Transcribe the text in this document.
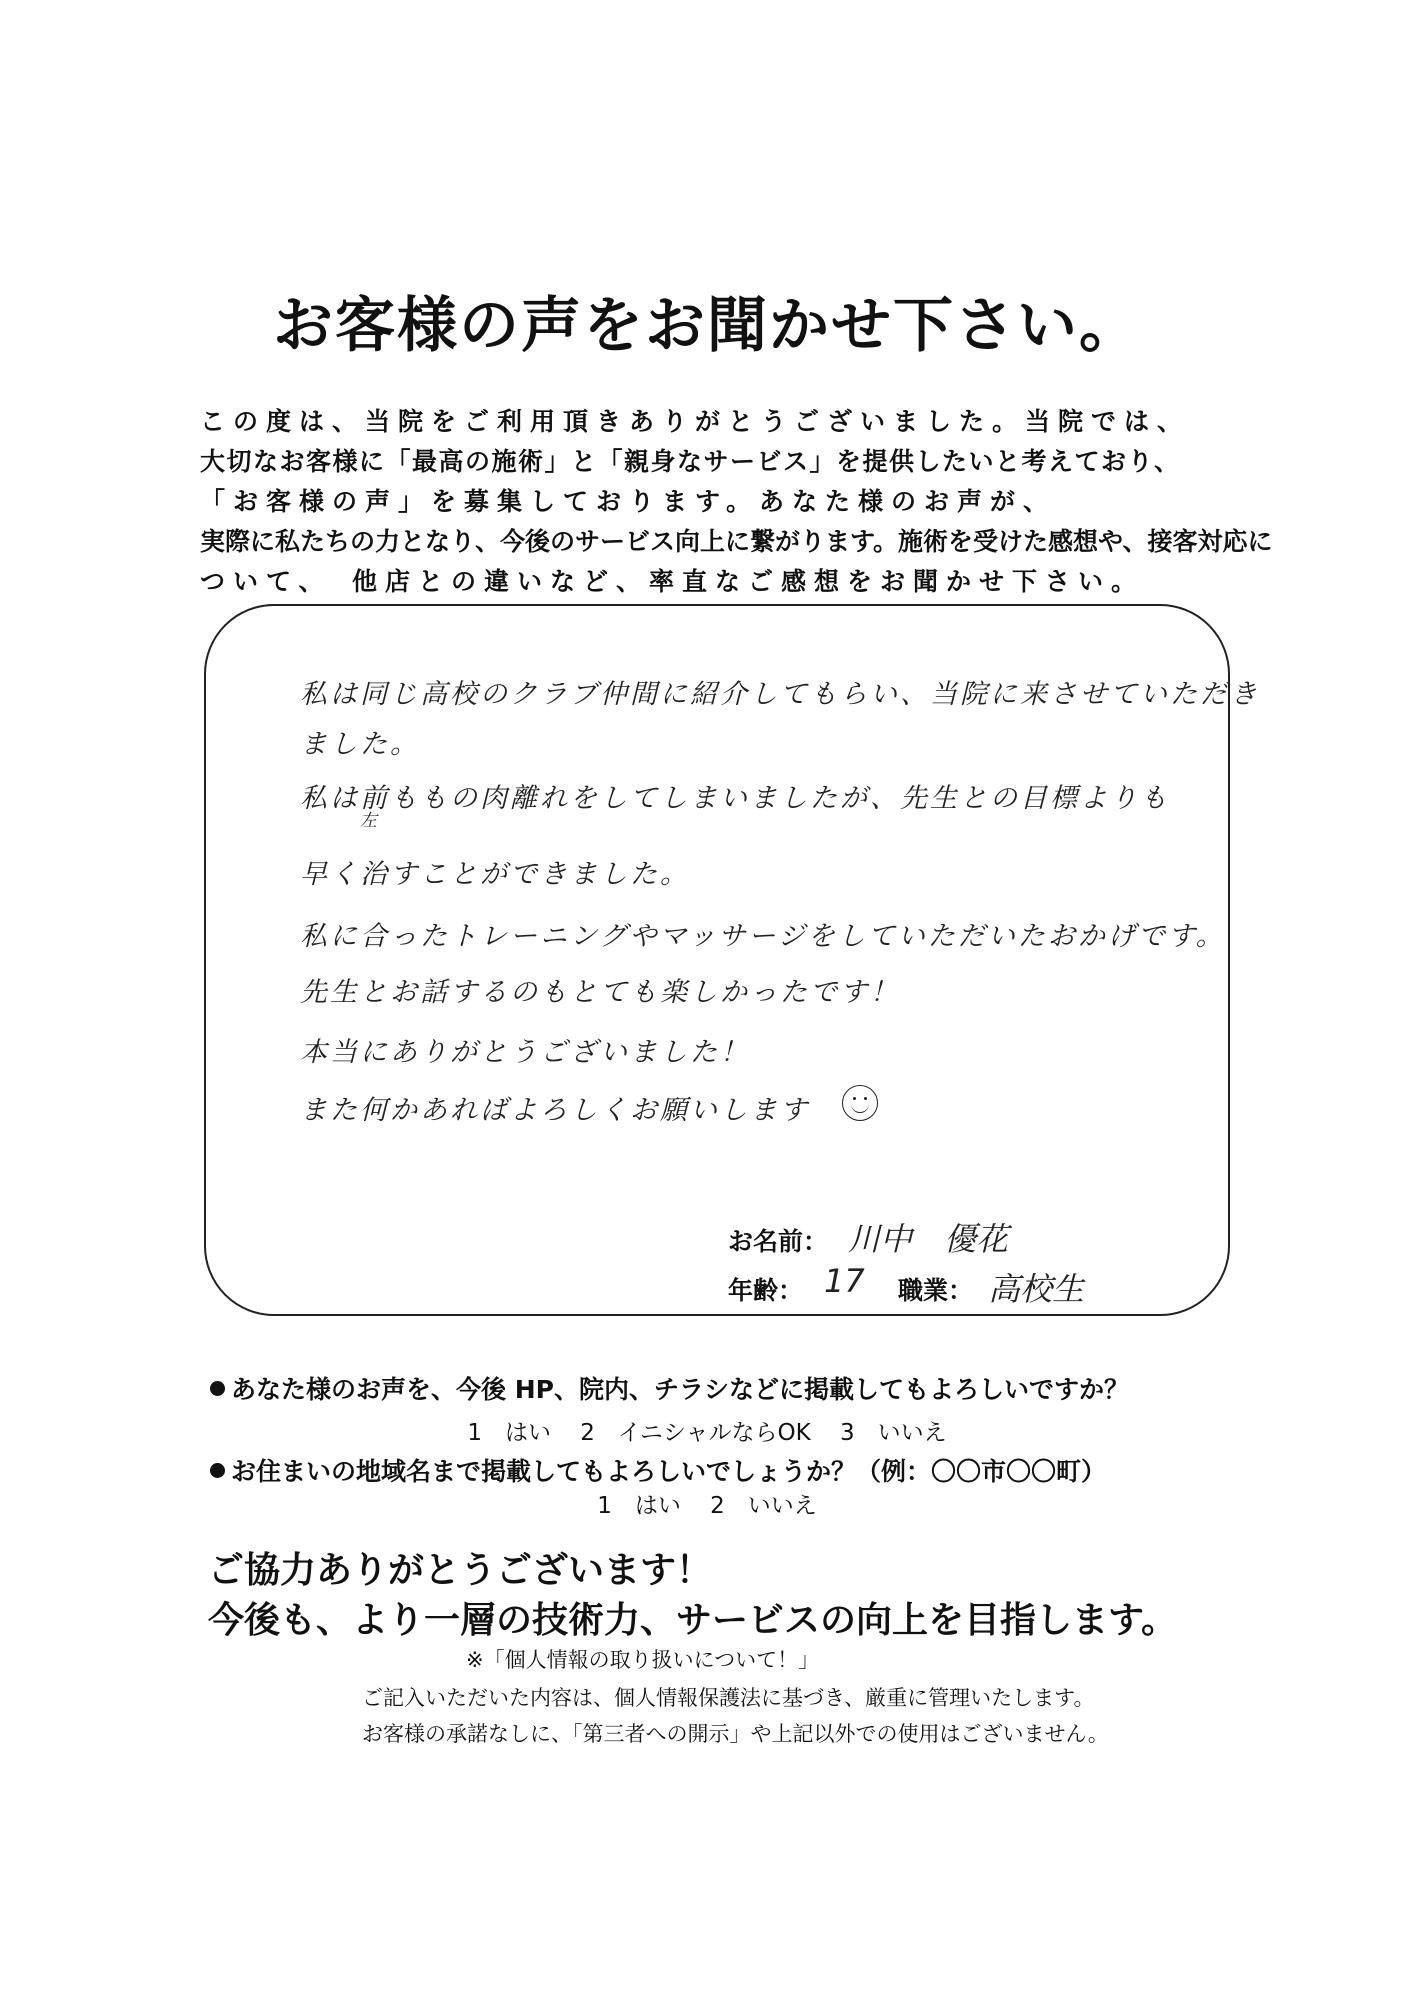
お客様の声をお聞かせ下さい。
この度は、当院をご利用頂きありがとうございました。当院では、
大切なお客様に「最高の施術」と「親身なサービス」を提供したいと考えており、
「お客様の声」を募集しております。あなた様のお声が、
実際に私たちの力となり、今後のサービス向上に繋がります。施術を受けた感想や、接客対応に
ついて、　他店との違いなど、率直なご感想をお聞かせ下さい。
私は同じ高校のクラブ仲間に紹介してもらい、当院に来させていただき
ました。
私は前ももの肉離れをしてしまいましたが、先生との目標よりも
左
早く治すことができました。
私に合ったトレーニングやマッサージをしていただいたおかげです。
先生とお話するのもとても楽しかったです！
本当にありがとうございました！
また何かあればよろしくお願いします
お名前： 川中　優花
年齢： 17 職業： 高校生
あなた様のお声を、今後 HP、院内、チラシなどに掲載してもよろしいですか？
1　はい 2　イニシャルならOK 3　いいえ
お住まいの地域名まで掲載してもよろしいでしょうか？（例：〇〇市〇〇町）
1　はい 2　いいえ
ご協力ありがとうございます！
今後も、より一層の技術力、サービスの向上を目指します。
※「個人情報の取り扱いについて！」
ご記入いただいた内容は、個人情報保護法に基づき、厳重に管理いたします。
お客様の承諾なしに、「第三者への開示」や上記以外での使用はございません。
